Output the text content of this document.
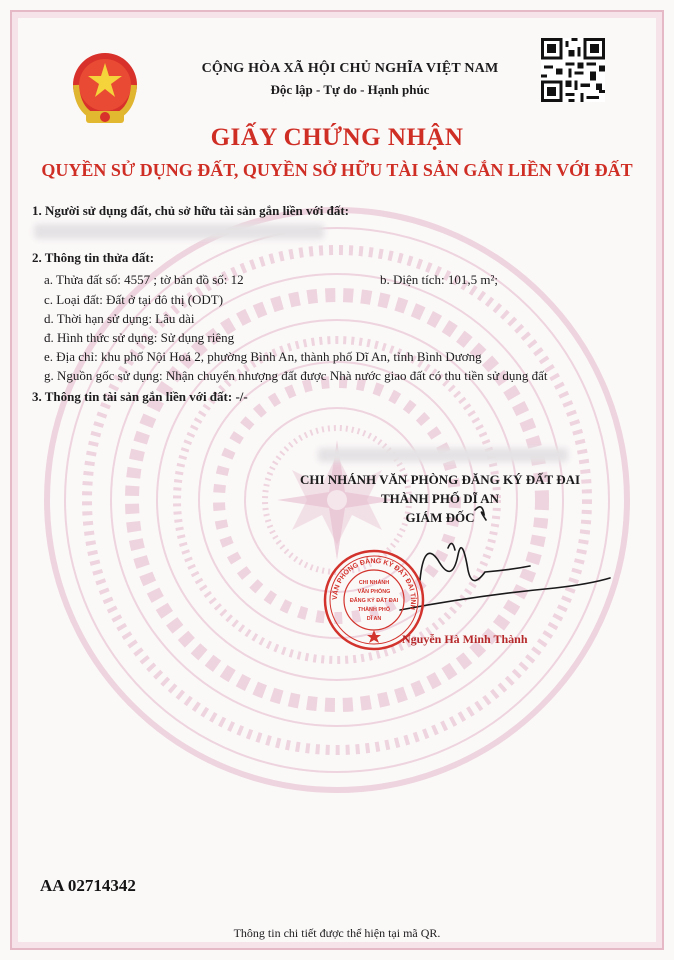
CỘNG HÒA XÃ HỘI CHỦ NGHĨA VIỆT NAM
Độc lập - Tự do - Hạnh phúc
GIẤY CHỨNG NHẬN
QUYỀN SỬ DỤNG ĐẤT, QUYỀN SỞ HỮU TÀI SẢN GẮN LIỀN VỚI ĐẤT
1. Người sử dụng đất, chủ sở hữu tài sản gắn liền với đất:
2. Thông tin thửa đất:
a. Thửa đất số: 4557 ; tờ bản đồ số: 12	b. Diện tích: 101,5 m²;
c. Loại đất: Đất ở tại đô thị (ODT)
d. Thời hạn sử dụng: Lâu dài
đ. Hình thức sử dụng: Sử dụng riêng
e. Địa chỉ: khu phố Nội Hoá 2, phường Bình An, thành phố Dĩ An, tỉnh Bình Dương
g. Nguồn gốc sử dụng: Nhận chuyển nhượng đất được Nhà nước giao đất có thu tiền sử dụng đất
3. Thông tin tài sản gắn liền với đất: -/-
CHI NHÁNH VĂN PHÒNG ĐĂNG KÝ ĐẤT ĐAI
THÀNH PHỐ DĨ AN
GIÁM ĐỐC
VĂN PHÒNG ĐĂNG KÝ ĐẤT ĐAI TỈNH
CHI NHÁNH
VĂN PHÒNG
ĐĂNG KÝ ĐẤT ĐAI
THÀNH PHỐ
DĨ AN
Nguyễn Hà Minh Thành
AA 02714342
Thông tin chi tiết được thể hiện tại mã QR.
